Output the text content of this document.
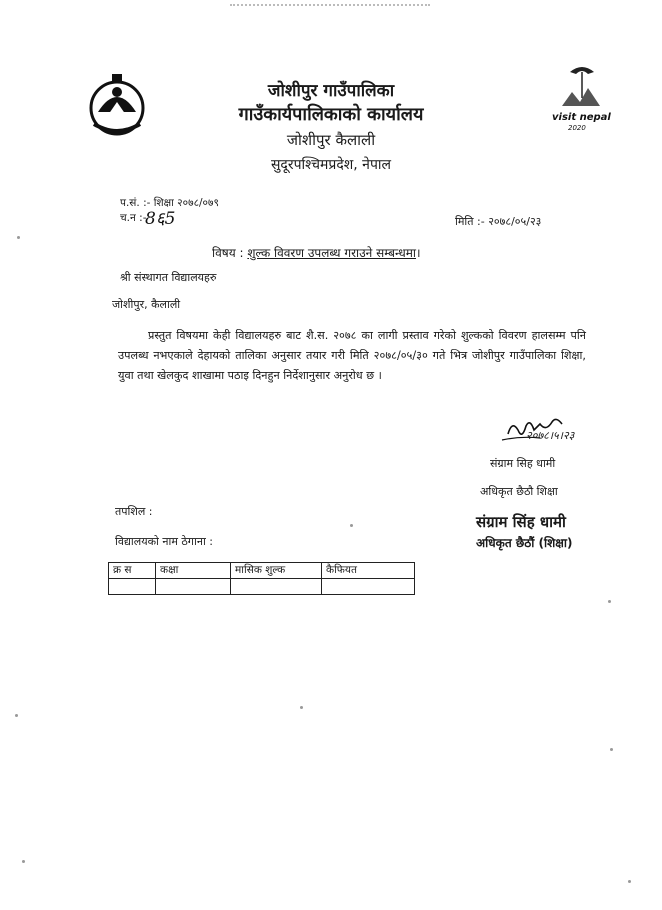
visit nepal
2020
जोशीपुर गाउँपालिका
गाउँकार्यपालिकाको कार्यालय
जोशीपुर कैलाली
सुदूरपश्चिमप्रदेश, नेपाल
प.सं. :- शिक्षा २०७८/०७९
च.न :-
8६5	मिति :- २०७८/०५/२३
विषय : शुल्क विवरण उपलब्ध गराउने सम्बन्धमा।
श्री संस्थागत विद्यालयहरु
जोशीपुर, कैलाली
प्रस्तुत विषयमा केही विद्यालयहरु बाट शै.स. २०७८ का लागी प्रस्ताव गरेको शुल्कको विवरण हालसम्म पनि उपलब्ध नभएकाले देहायको तालिका अनुसार तयार गरी मिति २०७८/०५/३० गते भित्र जोशीपुर गाउँपालिका शिक्षा, युवा तथा खेलकुद शाखामा पठाइ दिनहुन निर्देशानुसार अनुरोध छ ।
२०७८।५।२३
संग्राम सिह धामी
अधिकृत छैठौ शिक्षा
संग्राम सिंह धामी
अधिकृत छैठौं (शिक्षा)
तपशिल :
विद्यालयको नाम ठेगाना :
क्र स	कक्षा	मासिक शुल्क	कैफियत
